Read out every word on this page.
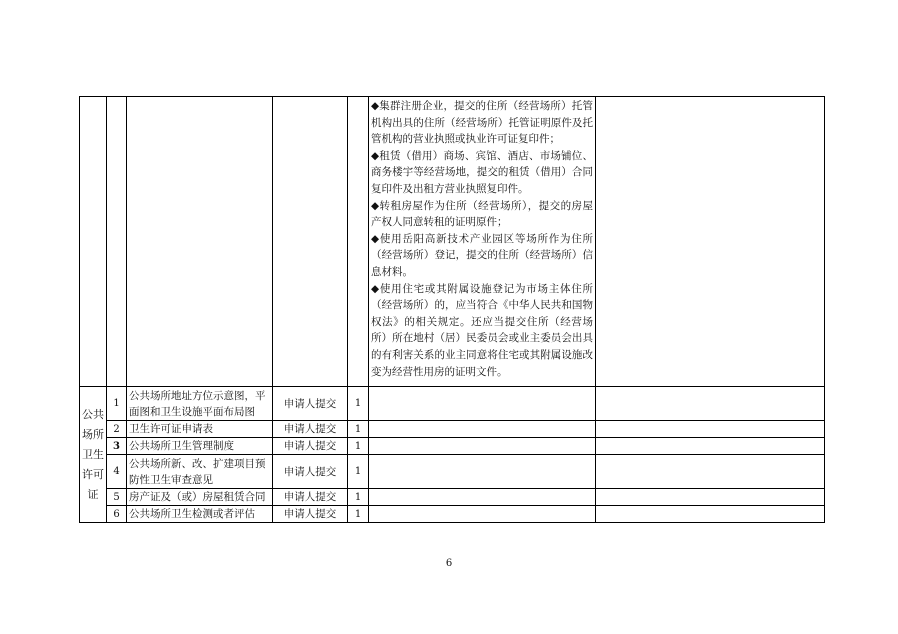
					◆集群注册企业，提交的住所（经营场所）托管机构出具的住所（经营场所）托管证明原件及托管机构的营业执照或执业许可证复印件；
◆租赁（借用）商场、宾馆、酒店、市场铺位、商务楼宇等经营场地，提交的租赁（借用）合同复印件及出租方营业执照复印件。
◆转租房屋作为住所（经营场所），提交的房屋产权人同意转租的证明原件；
◆使用岳阳高新技术产业园区等场所作为住所（经营场所）登记，提交的住所（经营场所）信息材料。
◆使用住宅或其附属设施登记为市场主体住所（经营场所）的，应当符合《中华人民共和国物权法》的相关规定。还应当提交住所（经营场所）所在地村（居）民委员会或业主委员会出具的有利害关系的业主同意将住宅或其附属设施改变为经营性用房的证明文件。	

公共场所卫生许可证	1	公共场所地址方位示意图，平面图和卫生设施平面布局图	申请人提交	1		
	2	卫生许可证申请表	申请人提交	1		
	3	公共场所卫生管理制度	申请人提交	1		
	4	公共场所新、改、扩建项目预防性卫生审查意见	申请人提交	1		
	5	房产证及（或）房屋租赁合同	申请人提交	1		
	6	公共场所卫生检测或者评估	申请人提交	1		
6
